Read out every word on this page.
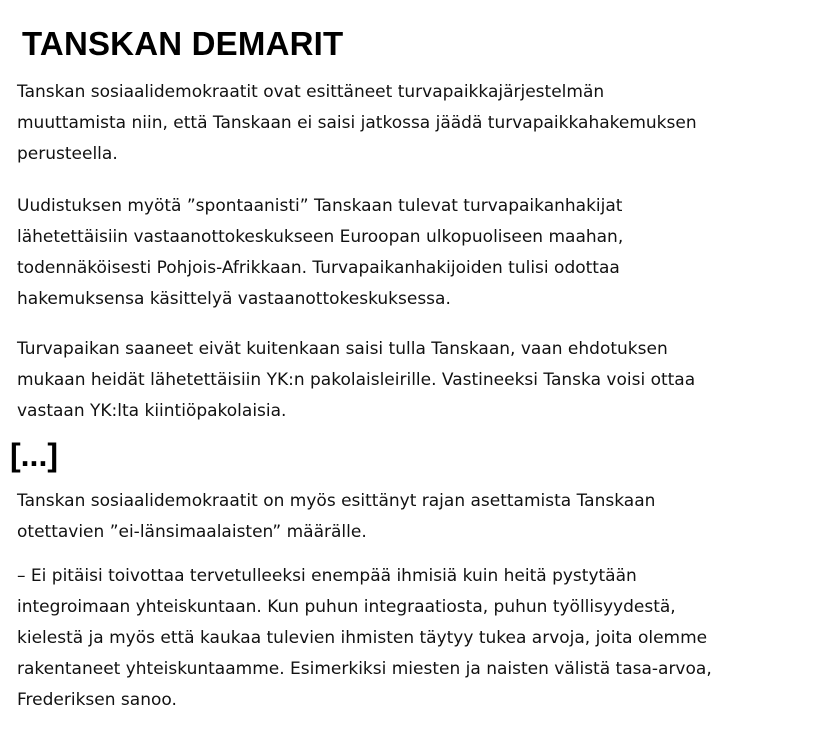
TANSKAN DEMARIT

Tanskan sosiaalidemokraatit ovat esittäneet turvapaikkajärjestelmän
muuttamista niin, että Tanskaan ei saisi jatkossa jäädä turvapaikkahakemuksen
perusteella.

Uudistuksen myötä ”spontaanisti” Tanskaan tulevat turvapaikanhakijat
lähetettäisiin vastaanottokeskukseen Euroopan ulkopuoliseen maahan,
todennäköisesti Pohjois-Afrikkaan. Turvapaikanhakijoiden tulisi odottaa
hakemuksensa käsittelyä vastaanottokeskuksessa.

Turvapaikan saaneet eivät kuitenkaan saisi tulla Tanskaan, vaan ehdotuksen
mukaan heidät lähetettäisiin YK:n pakolaisleirille. Vastineeksi Tanska voisi ottaa
vastaan YK:lta kiintiöpakolaisia.

[...]

Tanskan sosiaalidemokraatit on myös esittänyt rajan asettamista Tanskaan
otettavien ”ei-länsimaalaisten” määrälle.

– Ei pitäisi toivottaa tervetulleeksi enempää ihmisiä kuin heitä pystytään
integroimaan yhteiskuntaan. Kun puhun integraatiosta, puhun työllisyydestä,
kielestä ja myös että kaukaa tulevien ihmisten täytyy tukea arvoja, joita olemme
rakentaneet yhteiskuntaamme. Esimerkiksi miesten ja naisten välistä tasa-arvoa,
Frederiksen sanoo.
